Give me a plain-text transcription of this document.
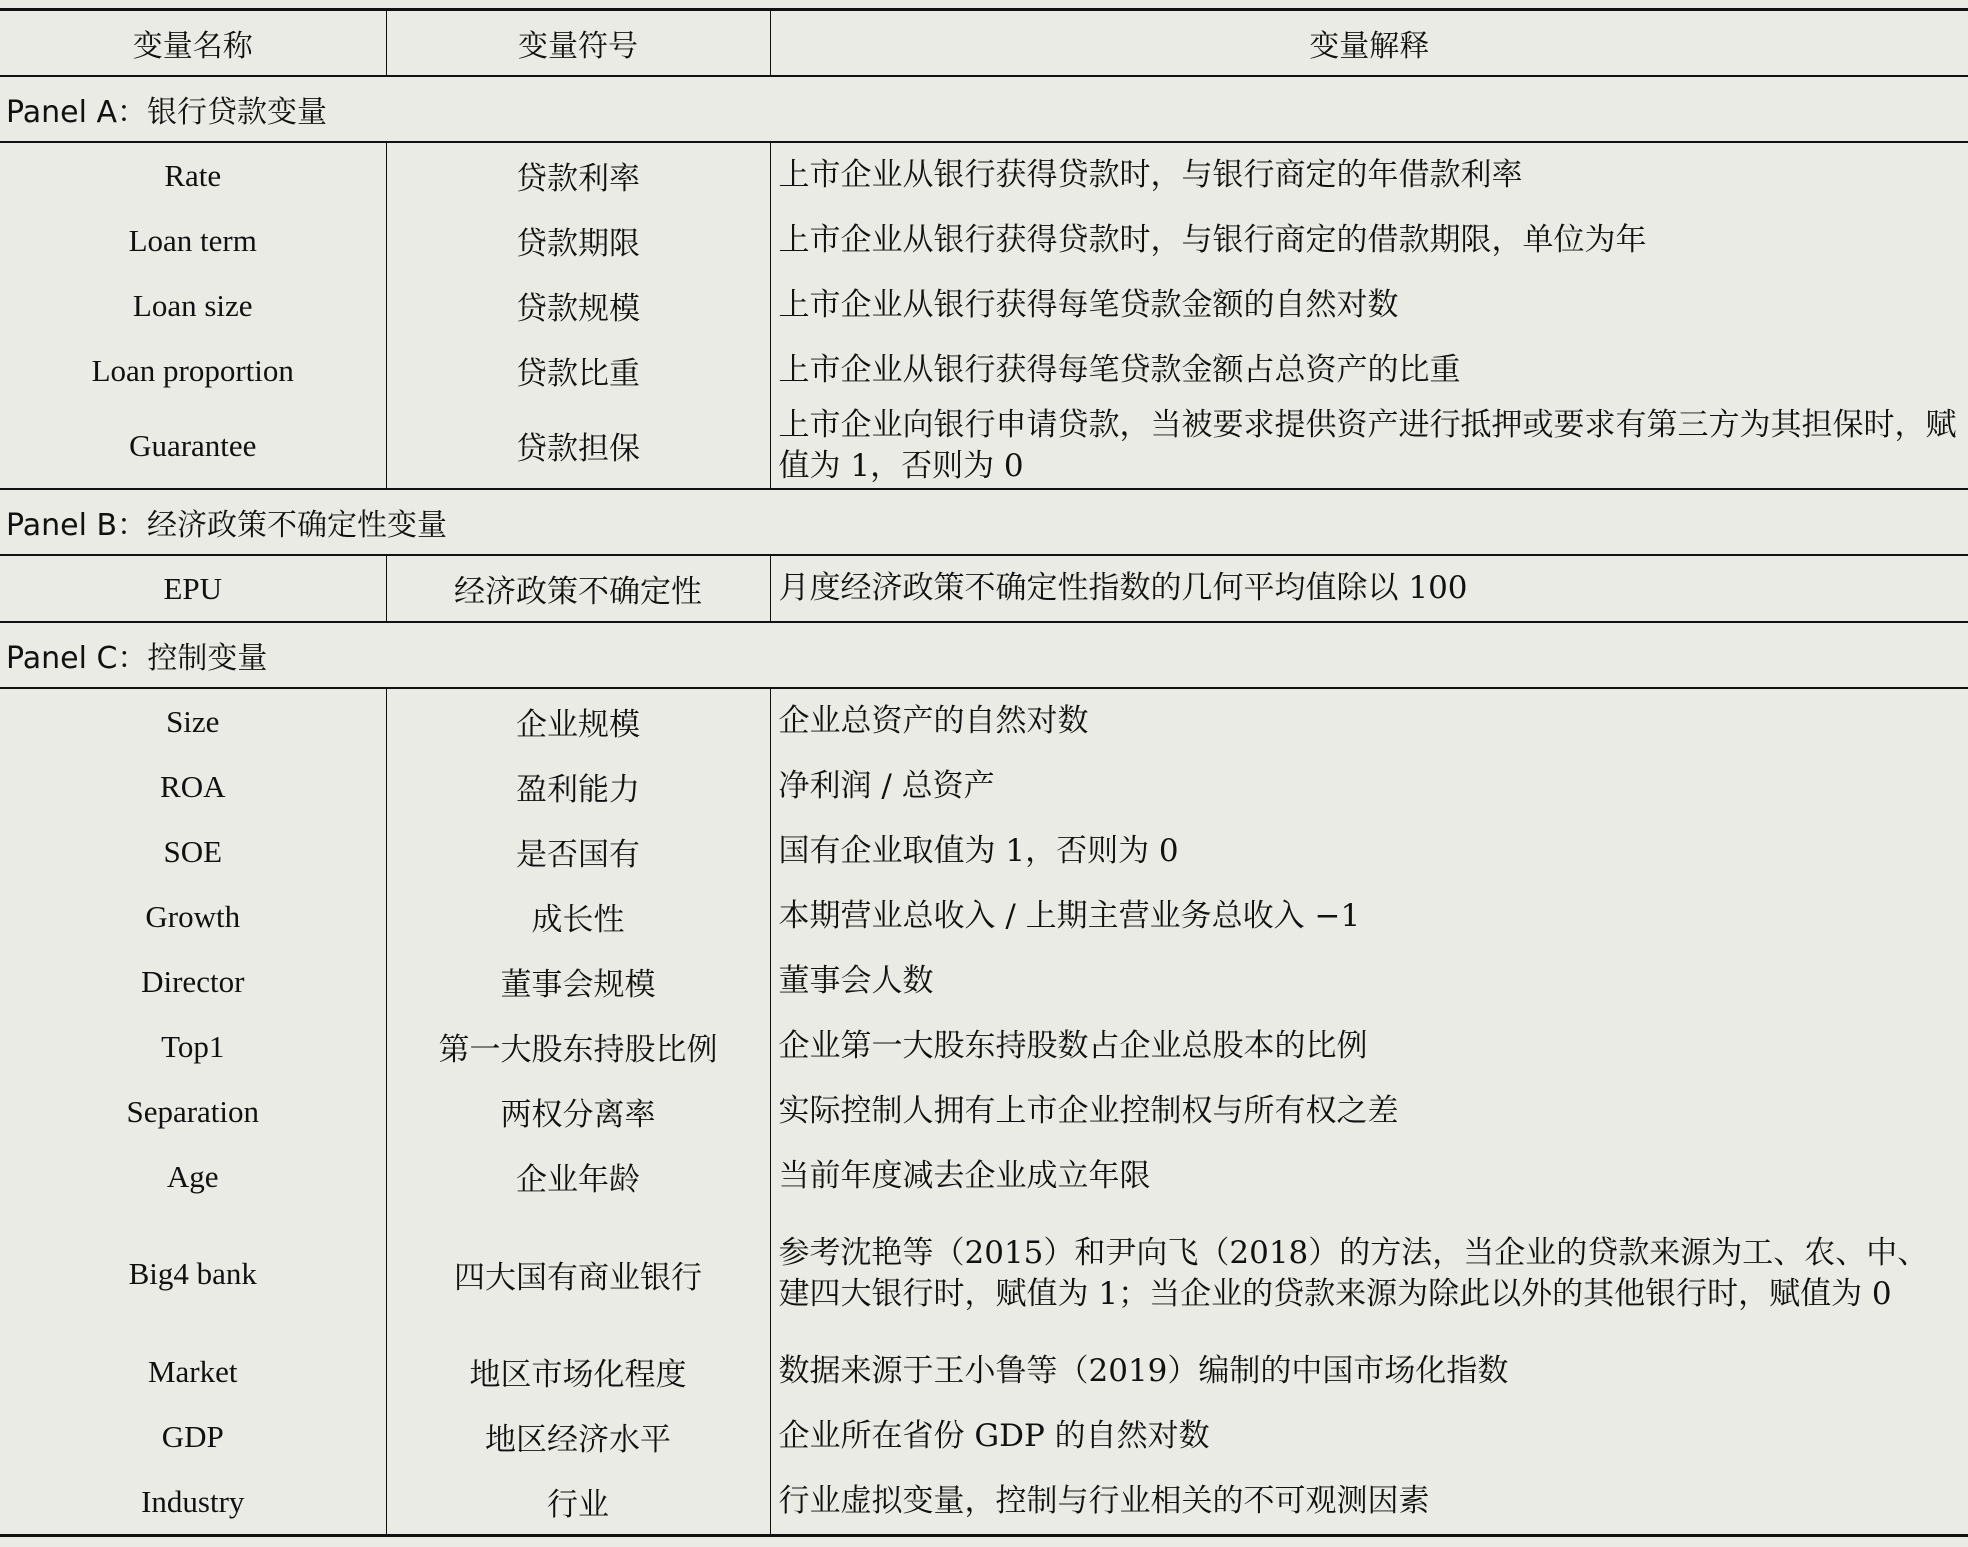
变量名称	变量符号	变量解释
Panel A：银行贷款变量		
Rate	贷款利率	上市企业从银行获得贷款时，与银行商定的年借款利率
Loan term	贷款期限	上市企业从银行获得贷款时，与银行商定的借款期限，单位为年
Loan size	贷款规模	上市企业从银行获得每笔贷款金额的自然对数
Loan proportion	贷款比重	上市企业从银行获得每笔贷款金额占总资产的比重
Guarantee	贷款担保	上市企业向银行申请贷款，当被要求提供资产进行抵押或要求有第三方为其担保时，赋值为 1，否则为 0
Panel B：经济政策不确定性变量		
EPU	经济政策不确定性	月度经济政策不确定性指数的几何平均值除以 100
Panel C：控制变量		
Size	企业规模	企业总资产的自然对数
ROA	盈利能力	净利润 / 总资产
SOE	是否国有	国有企业取值为 1，否则为 0
Growth	成长性	本期营业总收入 / 上期主营业务总收入 −1
Director	董事会规模	董事会人数
Top1	第一大股东持股比例	企业第一大股东持股数占企业总股本的比例
Separation	两权分离率	实际控制人拥有上市企业控制权与所有权之差
Age	企业年龄	当前年度减去企业成立年限
Big4 bank	四大国有商业银行	参考沈艳等（2015）和尹向飞（2018）的方法，当企业的贷款来源为工、农、中、建四大银行时，赋值为 1；当企业的贷款来源为除此以外的其他银行时，赋值为 0
Market	地区市场化程度	数据来源于王小鲁等（2019）编制的中国市场化指数
GDP	地区经济水平	企业所在省份 GDP 的自然对数
Industry	行业	行业虚拟变量，控制与行业相关的不可观测因素
